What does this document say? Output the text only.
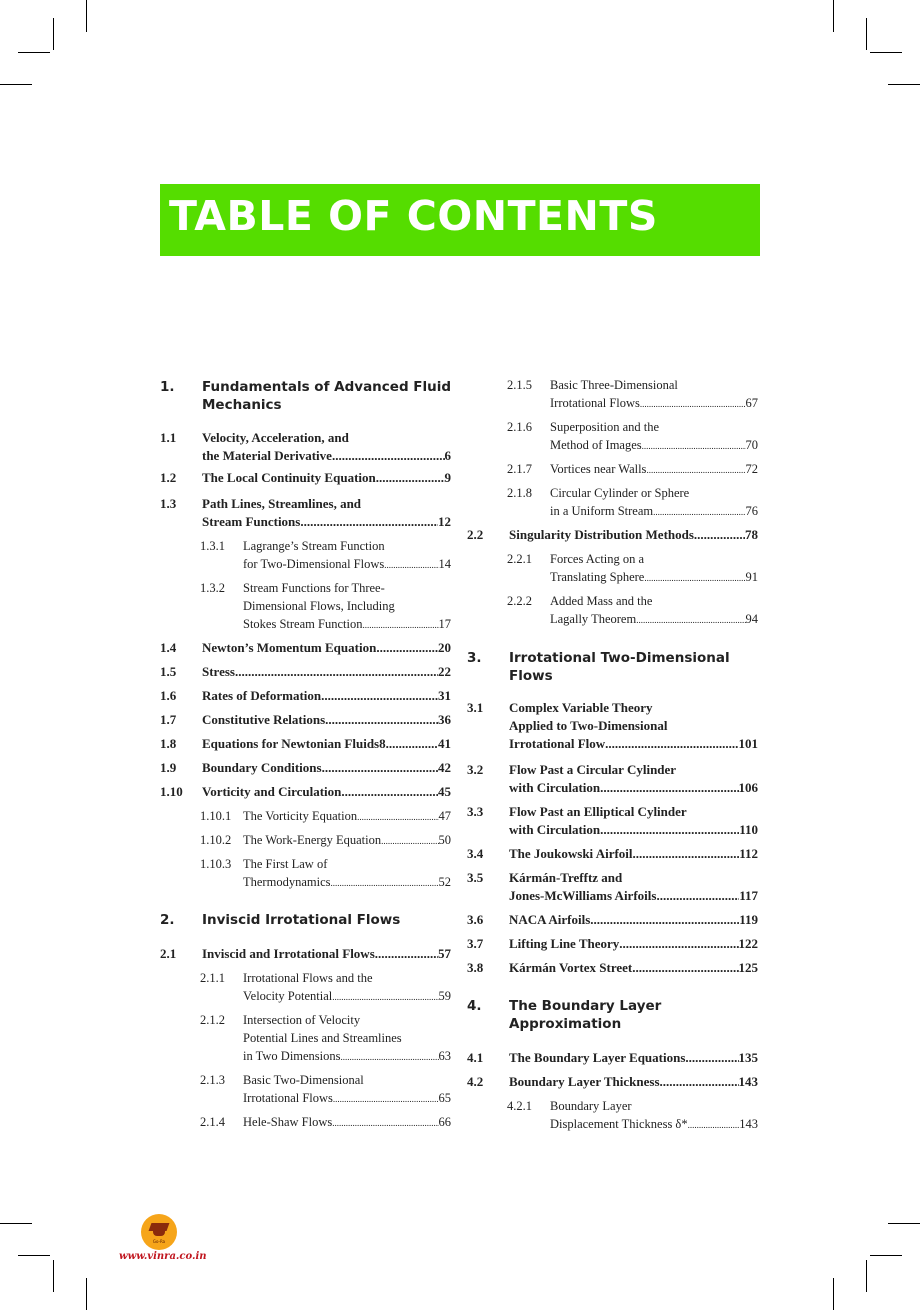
TABLE OF CONTENTS
1. Fundamentals of Advanced Fluid
Mechanics
1.1 Velocity, Acceleration, and
the Material Derivative .....	6
1.2 The Local Continuity Equation .....	9
1.3 Path Lines, Streamlines, and
Stream Functions .....	12
1.3.1 Lagrange’s Stream Function
for Two-Dimensional Flows .....	14
1.3.2 Stream Functions for Three-
Dimensional Flows, Including
Stokes Stream Function .....	17
1.4 Newton’s Momentum Equation .....	20
1.5 Stress .....	22
1.6 Rates of Deformation .....	31
1.7 Constitutive Relations .....	36
1.8 Equations for Newtonian Fluids8 .....	41
1.9 Boundary Conditions .....	42
1.10 Vorticity and Circulation .....	45
1.10.1 The Vorticity Equation .....	47
1.10.2 The Work-Energy Equation .....	50
1.10.3 The First Law of
Thermodynamics .....	52
2. Inviscid Irrotational Flows
2.1 Inviscid and Irrotational Flows .....	57
2.1.1 Irrotational Flows and the
Velocity Potential .....	59
2.1.2 Intersection of Velocity
Potential Lines and Streamlines
in Two Dimensions .....	63
2.1.3 Basic Two-Dimensional
Irrotational Flows .....	65
2.1.4 Hele-Shaw Flows .....	66
2.1.5 Basic Three-Dimensional
Irrotational Flows .....	67
2.1.6 Superposition and the
Method of Images .....	70
2.1.7 Vortices near Walls .....	72
2.1.8 Circular Cylinder or Sphere
in a Uniform Stream .....	76
2.2 Singularity Distribution Methods .....	78
2.2.1 Forces Acting on a
Translating Sphere .....	91
2.2.2 Added Mass and the
Lagally Theorem .....	94
3. Irrotational Two-Dimensional
Flows
3.1 Complex Variable Theory
Applied to Two-Dimensional
Irrotational Flow .....	101
3.2 Flow Past a Circular Cylinder
with Circulation .....	106
3.3 Flow Past an Elliptical Cylinder
with Circulation .....	110
3.4 The Joukowski Airfoil .....	112
3.5 Kármán-Trefftz and
Jones-McWilliams Airfoils .....	117
3.6 NACA Airfoils .....	119
3.7 Lifting Line Theory .....	122
3.8 Kármán Vortex Street .....	125
4. The Boundary Layer
Approximation
4.1 The Boundary Layer Equations .....	135
4.2 Boundary Layer Thickness .....	143
4.2.1 Boundary Layer
Displacement Thickness δ* .....	143
Go-Ra
www.vinra.co.in
